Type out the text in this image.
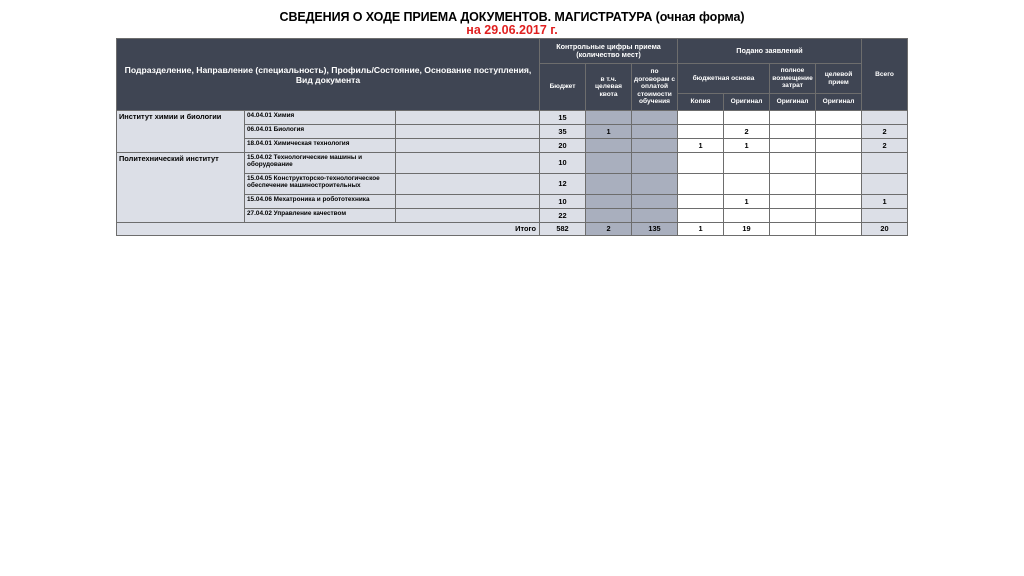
СВЕДЕНИЯ О ХОДЕ ПРИЕМА ДОКУМЕНТОВ. МАГИСТРАТУРА (очная форма)
на 29.06.2017 г.
Подразделение, Направление (специальность), Профиль/Состояние, Основание поступления, Вид документа			Контрольные цифры приема (количество мест)			Подано заявлений				Всего
			Бюджет	в т.ч. целевая квота	по договорам с оплатой стоимости обучения	бюджетная основа		полное возмещение затрат	целевой прием	
						Копия	Оригинал	Оригинал	Оригинал	
Институт химии и биологии	04.04.01 Химия		15							
	06.04.01 Биология		35	1			2			2
	18.04.01 Химическая технология		20			1	1			2
Политехнический институт	15.04.02 Технологические машины и оборудование		10							
	15.04.05 Конструкторско-технологическое обеспечение машиностроительных		12							
	15.04.06 Мехатроника и робототехника		10				1			1
	27.04.02 Управление качеством		22							
Итого			582	2	135	1	19			20
